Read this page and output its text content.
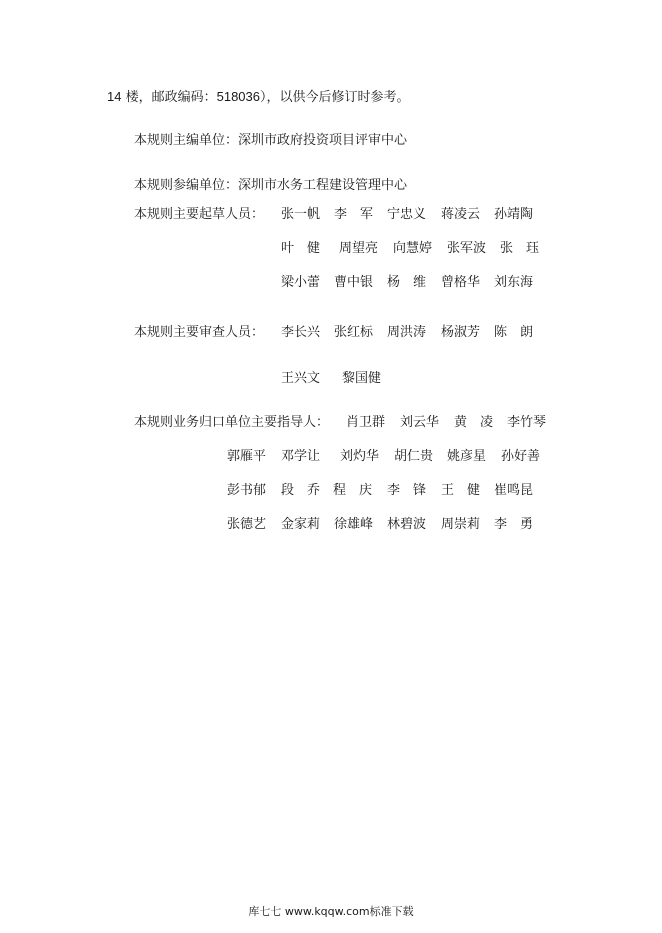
14 楼，邮政编码：518036），以供今后修订时参考。
本规则主编单位：深圳市政府投资项目评审中心
本规则参编单位：深圳市水务工程建设管理中心
本规则主要起草人员： 张一帆 李　军 宁忠义 蒋凌云 孙靖陶
叶　健 周望亮 向慧婷 张军波 张　珏
梁小蕾 曹中银 杨　维 曾格华 刘东海
本规则主要审查人员： 李长兴 张红标 周洪涛 杨淑芳 陈　朗
王兴文 黎国健
本规则业务归口单位主要指导人： 肖卫群 刘云华 黄　凌 李竹琴
郭雁平 邓学让 刘灼华 胡仁贵 姚彦星 孙好善
彭书郁 段　乔 程　庆 李　锋 王　健 崔鸣昆
张德艺 金家莉 徐雄峰 林碧波 周崇莉 李　勇
库七七 www.kqqw.com标准下载
